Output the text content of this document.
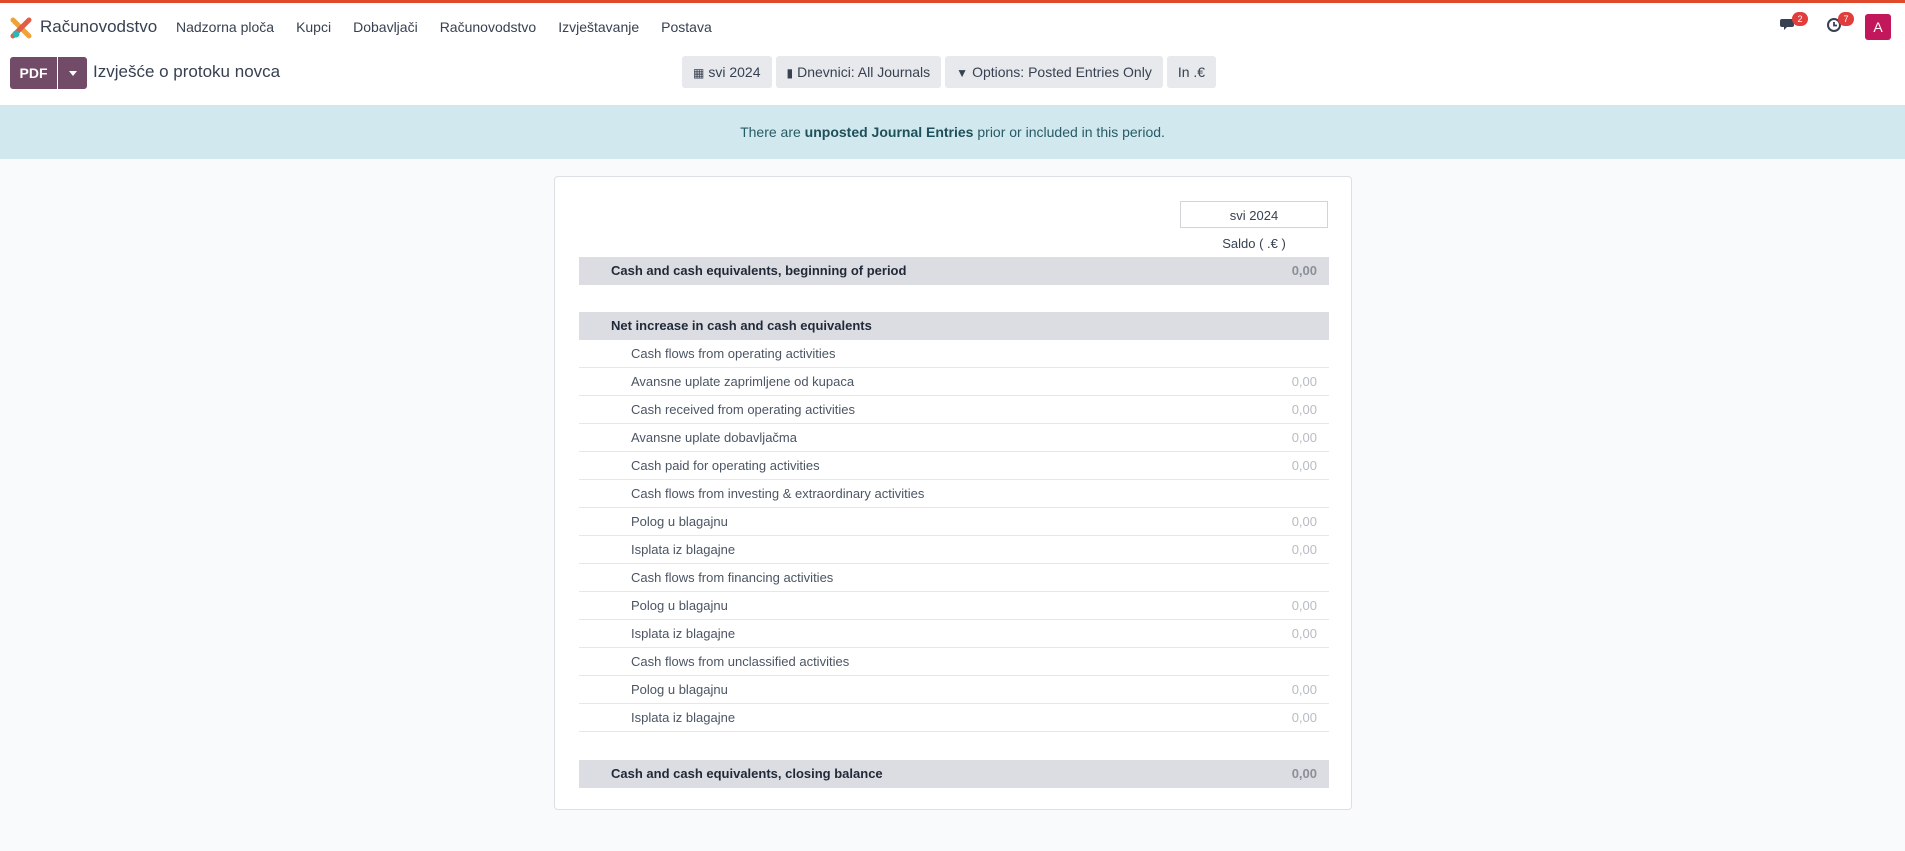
Računovodstvo Nadzorna ploča Kupci Dobavljači Računovodstvo Izvještavanje Postava	2	7	A
PDF	Izvješće o protoku novca	▦ svi 2024	▮ Dnevnici: All Journals	▼ Options: Posted Entries Only	In .€
There are unposted Journal Entries prior or included in this period.
svi 2024
Saldo ( .€ )
Cash and cash equivalents, beginning of period	0,00
Net increase in cash and cash equivalents
Cash flows from operating activities
Avansne uplate zaprimljene od kupaca	0,00
Cash received from operating activities	0,00
Avansne uplate dobavljačma	0,00
Cash paid for operating activities	0,00
Cash flows from investing & extraordinary activities
Polog u blagajnu	0,00
Isplata iz blagajne	0,00
Cash flows from financing activities
Polog u blagajnu	0,00
Isplata iz blagajne	0,00
Cash flows from unclassified activities
Polog u blagajnu	0,00
Isplata iz blagajne	0,00
Cash and cash equivalents, closing balance	0,00
